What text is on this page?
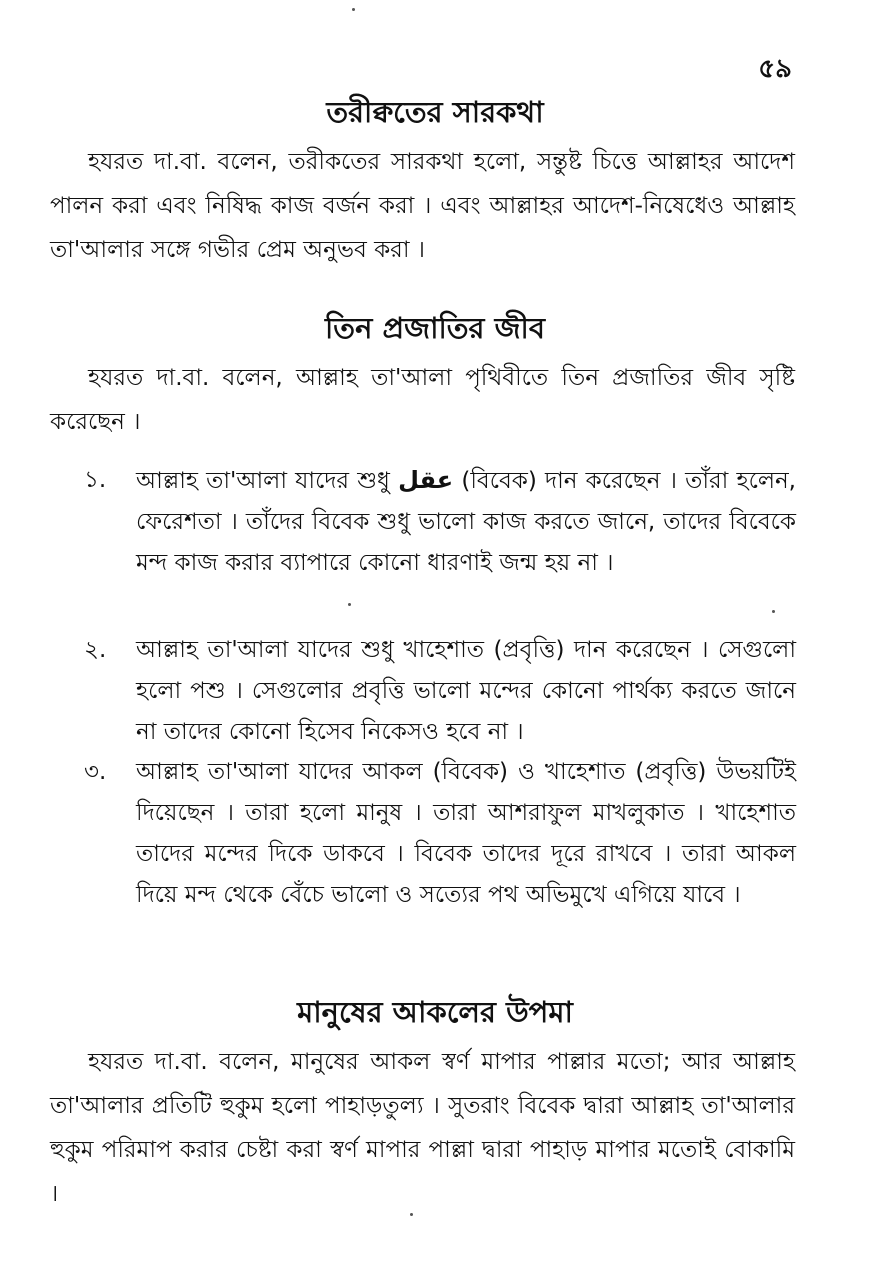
৫৯
তরীক্বতের সারকথা
হযরত দা.বা. বলেন, তরীকতের সারকথা হলো, সন্তুষ্ট চিত্তে আল্লাহর আদেশ পালন করা এবং নিষিদ্ধ কাজ বর্জন করা । এবং আল্লাহর আদেশ-নিষেধেও আল্লাহ তা'আলার সঙ্গে গভীর প্রেম অনুভব করা ।
তিন প্রজাতির জীব
হযরত দা.বা. বলেন, আল্লাহ তা'আলা পৃথিবীতে তিন প্রজাতির জীব সৃষ্টি করেছেন ।
১.	আল্লাহ তা'আলা যাদের শুধু عقل (বিবেক) দান করেছেন । তাঁরা হলেন, ফেরেশতা । তাঁদের বিবেক শুধু ভালো কাজ করতে জানে, তাদের বিবেকে মন্দ কাজ করার ব্যাপারে কোনো ধারণাই জন্ম হয় না ।
২.	আল্লাহ তা'আলা যাদের শুধু খাহেশাত (প্রবৃত্তি) দান করেছেন । সেগুলো হলো পশু । সেগুলোর প্রবৃত্তি ভালো মন্দের কোনো পার্থক্য করতে জানে না তাদের কোনো হিসেব নিকেসও হবে না ।
৩.	আল্লাহ তা'আলা যাদের আকল (বিবেক) ও খাহেশাত (প্রবৃত্তি) উভয়টিই দিয়েছেন । তারা হলো মানুষ । তারা আশরাফুল মাখলুকাত । খাহেশাত তাদের মন্দের দিকে ডাকবে । বিবেক তাদের দূরে রাখবে । তারা আকল দিয়ে মন্দ থেকে বেঁচে ভালো ও সত্যের পথ অভিমুখে এগিয়ে যাবে ।
মানুষের আকলের উপমা
হযরত দা.বা. বলেন, মানুষের আকল স্বর্ণ মাপার পাল্লার মতো; আর আল্লাহ তা'আলার প্রতিটি হুকুম হলো পাহাড়তুল্য । সুতরাং বিবেক দ্বারা আল্লাহ তা'আলার হুকুম পরিমাপ করার চেষ্টা করা স্বর্ণ মাপার পাল্লা দ্বারা পাহাড় মাপার মতোই বোকামি ।
